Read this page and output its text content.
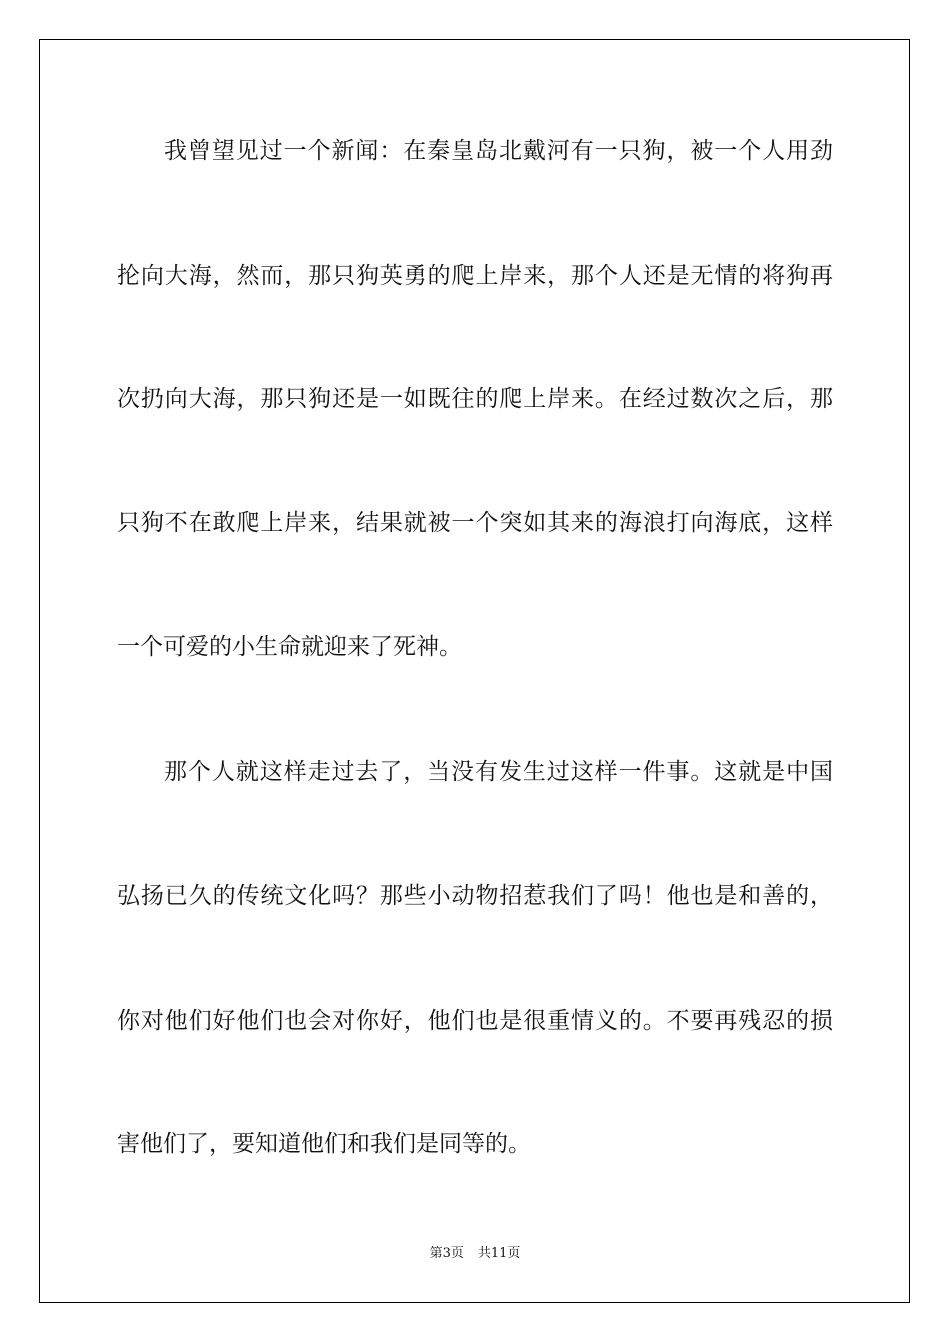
我曾望见过一个新闻：在秦皇岛北戴河有一只狗，被一个人用劲
抡向大海，然而，那只狗英勇的爬上岸来，那个人还是无情的将狗再
次扔向大海，那只狗还是一如既往的爬上岸来。在经过数次之后，那
只狗不在敢爬上岸来，结果就被一个突如其来的海浪打向海底，这样
一个可爱的小生命就迎来了死神。
那个人就这样走过去了，当没有发生过这样一件事。这就是中国
弘扬已久的传统文化吗？那些小动物招惹我们了吗！他也是和善的，
你对他们好他们也会对你好，他们也是很重情义的。不要再残忍的损
害他们了，要知道他们和我们是同等的。
第3页 共11页
